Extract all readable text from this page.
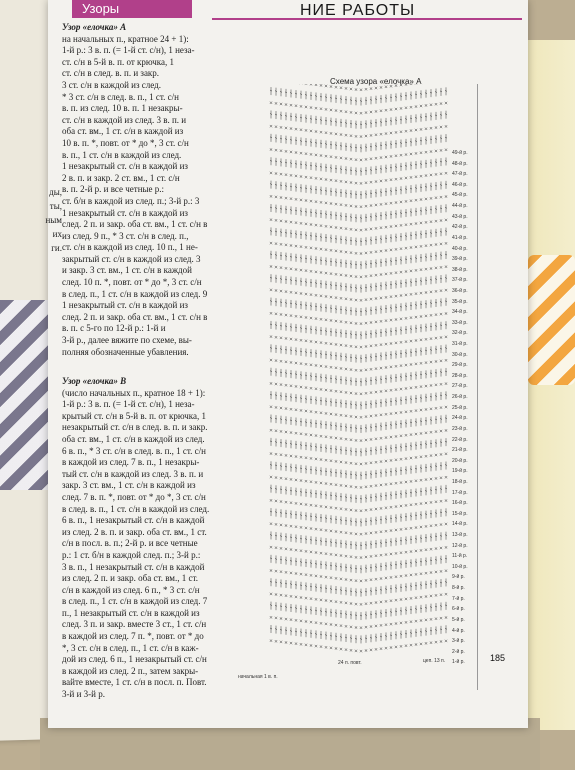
Узоры	НИЕ РАБОТЫ
ды,
ты,
ным
их
ги.
Узор «елочка» А
на начальных п., кратное 24 + 1):
1-й р.: 3 в. п. (= 1-й ст. с/н), 1 неза-
ст. с/н в 5-й в. п. от крючка, 1
ст. с/н в след. в. п. и закр.
3 ст. с/н в каждой из след.
* 3 ст. с/н в след. в. п., 1 ст. с/н
в. п. из след. 10 в. п. 1 незакры-
ст. с/н в каждой из след. 3 в. п. и
оба ст. вм., 1 ст. с/н в каждой из
10 в. п. *, повт. от * до *, 3 ст. с/н
в. п., 1 ст. с/н в каждой из след.
1 незакрытый ст. с/н в каждой из
2 в. п. и закр. 2 ст. вм., 1 ст. с/н
в. п. 2-й р. и все четные р.:
ст. б/н в каждой из след. п.; 3-й р.: 3
1 незакрытый ст. с/н в каждой из
след. 2 п. и закр. оба ст. вм., 1 ст. с/н в
из след. 9 п., * 3 ст. с/н в след. п.,
ст. с/н в каждой из след. 10 п., 1 не-
закрытый ст. с/н в каждой из след. 3
и закр. 3 ст. вм., 1 ст. с/н в каждой
след. 10 п. *, повт. от * до *, 3 ст. с/н
в след. п., 1 ст. с/н в каждой из след. 9
1 незакрытый ст. с/н в каждой из
след. 2 п. и закр. оба ст. вм., 1 ст. с/н в
в. п. с 5-го по 12-й р.: 1-й и
3-й р., далее вяжите по схеме, вы-
полняя обозначенные убавления.
Узор «елочка» В
(число начальных п., кратное 18 + 1):
1-й р.: 3 в. п. (= 1-й ст. с/н), 1 неза-
крытый ст. с/н в 5-й в. п. от крючка, 1
незакрытый ст. с/н в след. в. п. и закр.
оба ст. вм., 1 ст. с/н в каждой из след.
6 в. п., * 3 ст. с/н в след. в. п., 1 ст. с/н
в каждой из след. 7 в. п., 1 незакры-
тый ст. с/н в каждой из след. 3 в. п. и
закр. 3 ст. вм., 1 ст. с/н в каждой из
след. 7 в. п. *, повт. от * до *, 3 ст. с/н
в след. в. п., 1 ст. с/н в каждой из след.
6 в. п., 1 незакрытый ст. с/н в каждой
из след. 2 в. п. и закр. оба ст. вм., 1 ст.
с/н в посл. в. п.; 2-й р. и все четные
р.: 1 ст. б/н в каждой след. п.; 3-й р.:
3 в. п., 1 незакрытый ст. с/н в каждой
из след. 2 п. и закр. оба ст. вм., 1 ст.
с/н в каждой из след. 6 п., * 3 ст. с/н
в след. п., 1 ст. с/н в каждой из след. 7
п., 1 незакрытый ст. с/н в каждой из
след. 3 п. и закр. вместе 3 ст., 1 ст. с/н
в каждой из след. 7 п. *, повт. от * до
*, 3 ст. с/н в след. п., 1 ст. с/н в каж-
дой из след. 6 п., 1 незакрытый ст. с/н
в каждой из след. 2 п., затем закры-
вайте вместе, 1 ст. с/н в посл. п. Повт.
3-й и 3-й р.
Схема узора «елочка» А
49-й р.
48-й р.
47-й р.
46-й р.
45-й р.
44-й р.
43-й р.
42-й р.
41-й р.
40-й р.
39-й р.
38-й р.
37-й р.
36-й р.
35-й р.
34-й р.
33-й р.
32-й р.
31-й р.
30-й р.
29-й р.
28-й р.
27-й р.
26-й р.
25-й р.
24-й р.
23-й р.
22-й р.
21-й р.
20-й р.
19-й р.
18-й р.
17-й р.
16-й р.
15-й р.
14-й р.
13-й р.
12-й р.
11-й р.
10-й р.
9-й р.
8-й р.
7-й р.
6-й р.
5-й р.
4-й р.
3-й р.
2-й р.
1-й р.
начальная 1 в. п.
24 п. повт.	цеп. 13 п.	185
